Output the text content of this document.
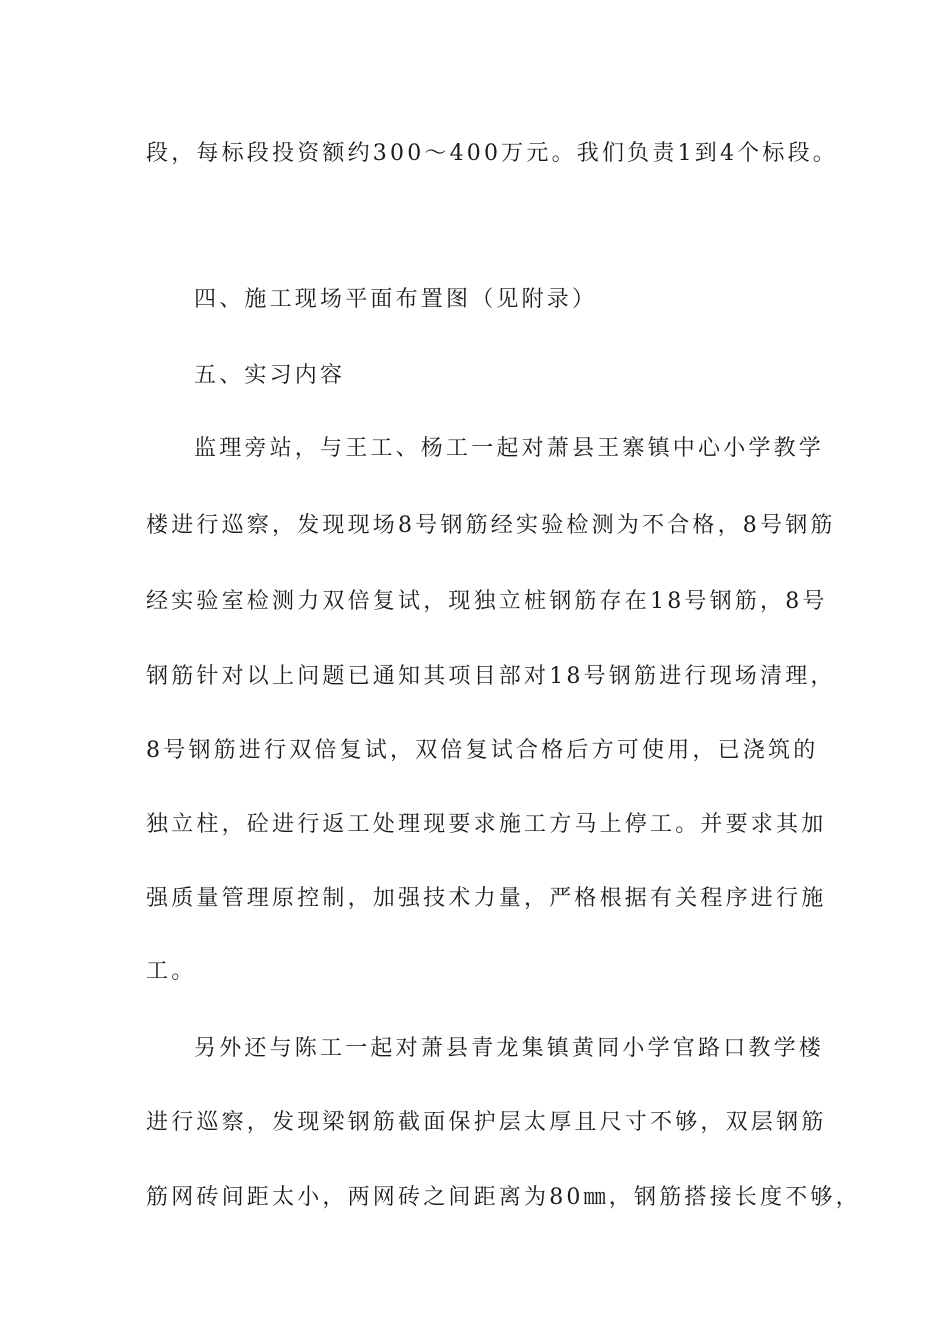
段，每标段投资额约300～400万元。我们负责1到4个标段。
四、施工现场平面布置图（见附录）
五、实习内容
监理旁站，与王工、杨工一起对萧县王寨镇中心小学教学
楼进行巡察，发现现场8号钢筋经实验检测为不合格，8号钢筋
经实验室检测力双倍复试，现独立桩钢筋存在18号钢筋，8号
钢筋针对以上问题已通知其项目部对18号钢筋进行现场清理，
8号钢筋进行双倍复试，双倍复试合格后方可使用，已浇筑的
独立柱，砼进行返工处理现要求施工方马上停工。并要求其加
强质量管理原控制，加强技术力量，严格根据有关程序进行施
工。
另外还与陈工一起对萧县青龙集镇黄同小学官路口教学楼
进行巡察，发现梁钢筋截面保护层太厚且尺寸不够，双层钢筋
筋网砖间距太小，两网砖之间距离为80㎜，钢筋搭接长度不够，
